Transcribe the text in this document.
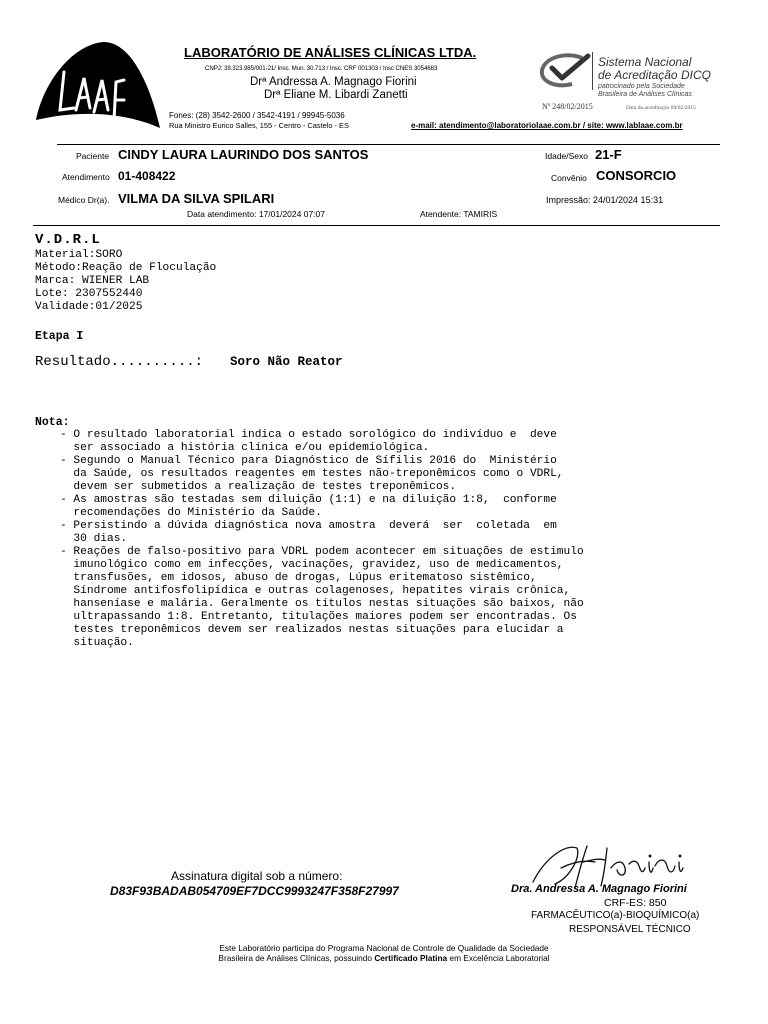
LABORATÓRIO DE ANÁLISES CLÍNICAS LTDA.
CNPJ: 39.323.985/001-21/ Insc. Mun. 30.713 / Insc. CRF 001303 / Insc CNES 3054683
Drª Andressa A. Magnago Fiorini
Drª Eliane M. Libardi Zanetti
Fones: (28) 3542-2600 / 3542-4191 / 99945-5036
Rua Ministro Eurico Salles, 155 - Centro - Castelo - ES	e-mail: atendimento@laboratoriolaae.com.br / site: www.lablaae.com.br
Sistema Nacional
de Acreditação DICQ
patrocinado pela Sociedade
Brasileira de Análises Clínicas
Nº 248/02/2015	Data da acreditação 09/02/2015
Paciente CINDY LAURA LAURINDO DOS SANTOS	Idade/Sexo 21-F
Atendimento 01-408422	Convênio CONSORCIO
Médico Dr(a). VILMA DA SILVA SPILARI	Impressão: 24/01/2024 15:31
Data atendimento: 17/01/2024 07:07	Atendente: TAMIRIS
V.D.R.L
Material:SORO
Método:Reação de Floculação
Marca: WIENER LAB
Lote: 2307552440
Validade:01/2025
Etapa I
Resultado..........: Soro Não Reator
Nota:
- O resultado laboratorial indica o estado sorológico do indivíduo e  deve
ser associado a história clínica e/ou epidemiológica.
- Segundo o Manual Técnico para Diagnóstico de Sífilis 2016 do  Ministério
da Saúde, os resultados reagentes em testes não-treponêmicos como o VDRL,
devem ser submetidos a realização de testes treponêmicos.
- As amostras são testadas sem diluição (1:1) e na diluição 1:8,  conforme
recomendações do Ministério da Saúde.
- Persistindo a dúvida diagnóstica nova amostra  deverá  ser  coletada  em
30 dias.
- Reações de falso-positivo para VDRL podem acontecer em situações de estimulo
imunológico como em infecções, vacinações, gravidez, uso de medicamentos,
transfusões, em idosos, abuso de drogas, Lúpus eritematoso sistêmico,
Síndrome antifosfolipídica e outras colagenoses, hepatites virais crônica,
hanseníase e malária. Geralmente os títulos nestas situações são baixos, não
ultrapassando 1:8. Entretanto, titulações maiores podem ser encontradas. Os
testes treponêmicos devem ser realizados nestas situações para elucidar a
situação.
Assinatura digital sob a número:
D83F93BADAB054709EF7DCC9993247F358F27997	Dra. Andressa A. Magnago Fiorini
CRF-ES: 850
FARMACÊUTICO(a)-BIOQUÍMICO(a)
RESPONSÁVEL TÉCNICO
Este Laboratório participa do Programa Nacional de Controle de Qualidade da Sociedade
Brasileira de Análises Clínicas, possuindo Certificado Platina em Excelência Laboratorial
